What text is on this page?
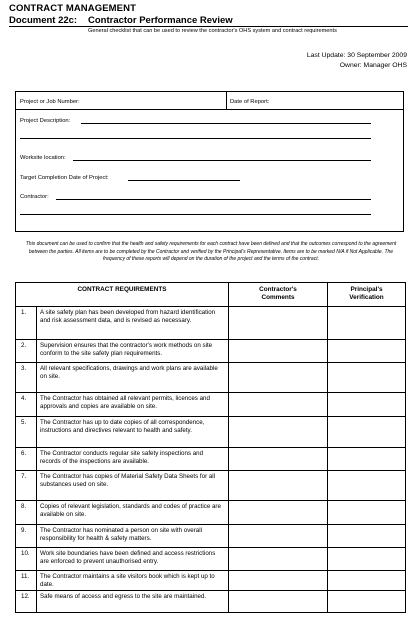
CONTRACT MANAGEMENT
Document 22c: Contractor Performance Review
General checklist that can be used to review the contractor's OHS system and contract requirements
Last Update: 30 September 2009
Owner: Manager OHS
Project or Job Number:	Date of Report:
Project Description:
Worksite location:
Target Completion Date of Project:
Contractor:
This document can be used to confirm that the health and safety requirements for each contract have been defined and that the outcomes correspond to the agreement between the parties. All items are to be completed by the Contractor and verified by the Principal's Representative. Items are to be marked N/A if Not Applicable. The frequency of these reports will depend on the duration of the project and the terms of the contract.
CONTRACT REQUIREMENTS		Contractor's Comments	Principal's Verification
1.	A site safety plan has been developed from hazard identification and risk assessment data, and is revised as necessary.		
2.	Supervision ensures that the contractor's work methods on site conform to the site safety plan requirements.		
3.	All relevant specifications, drawings and work plans are available on site.		
4.	The Contractor has obtained all relevant permits, licences and approvals and copies are available on site.		
5.	The Contractor has up to date copies of all correspondence, instructions and directives relevant to health and safety.		
6.	The Contractor conducts regular site safety inspections and records of the inspections are available.		
7.	The Contractor has copies of Material Safety Data Sheets for all substances used on site.		
8.	Copies of relevant legislation, standards and codes of practice are available on site.		
9.	The Contractor has nominated a person on site with overall responsibility for health & safety matters.		
10.	Work site boundaries have been defined and access restrictions are enforced to prevent unauthorised entry.		
11.	The Contractor maintains a site visitors book which is kept up to date.		
12.	Safe means of access and egress to the site are maintained.		
